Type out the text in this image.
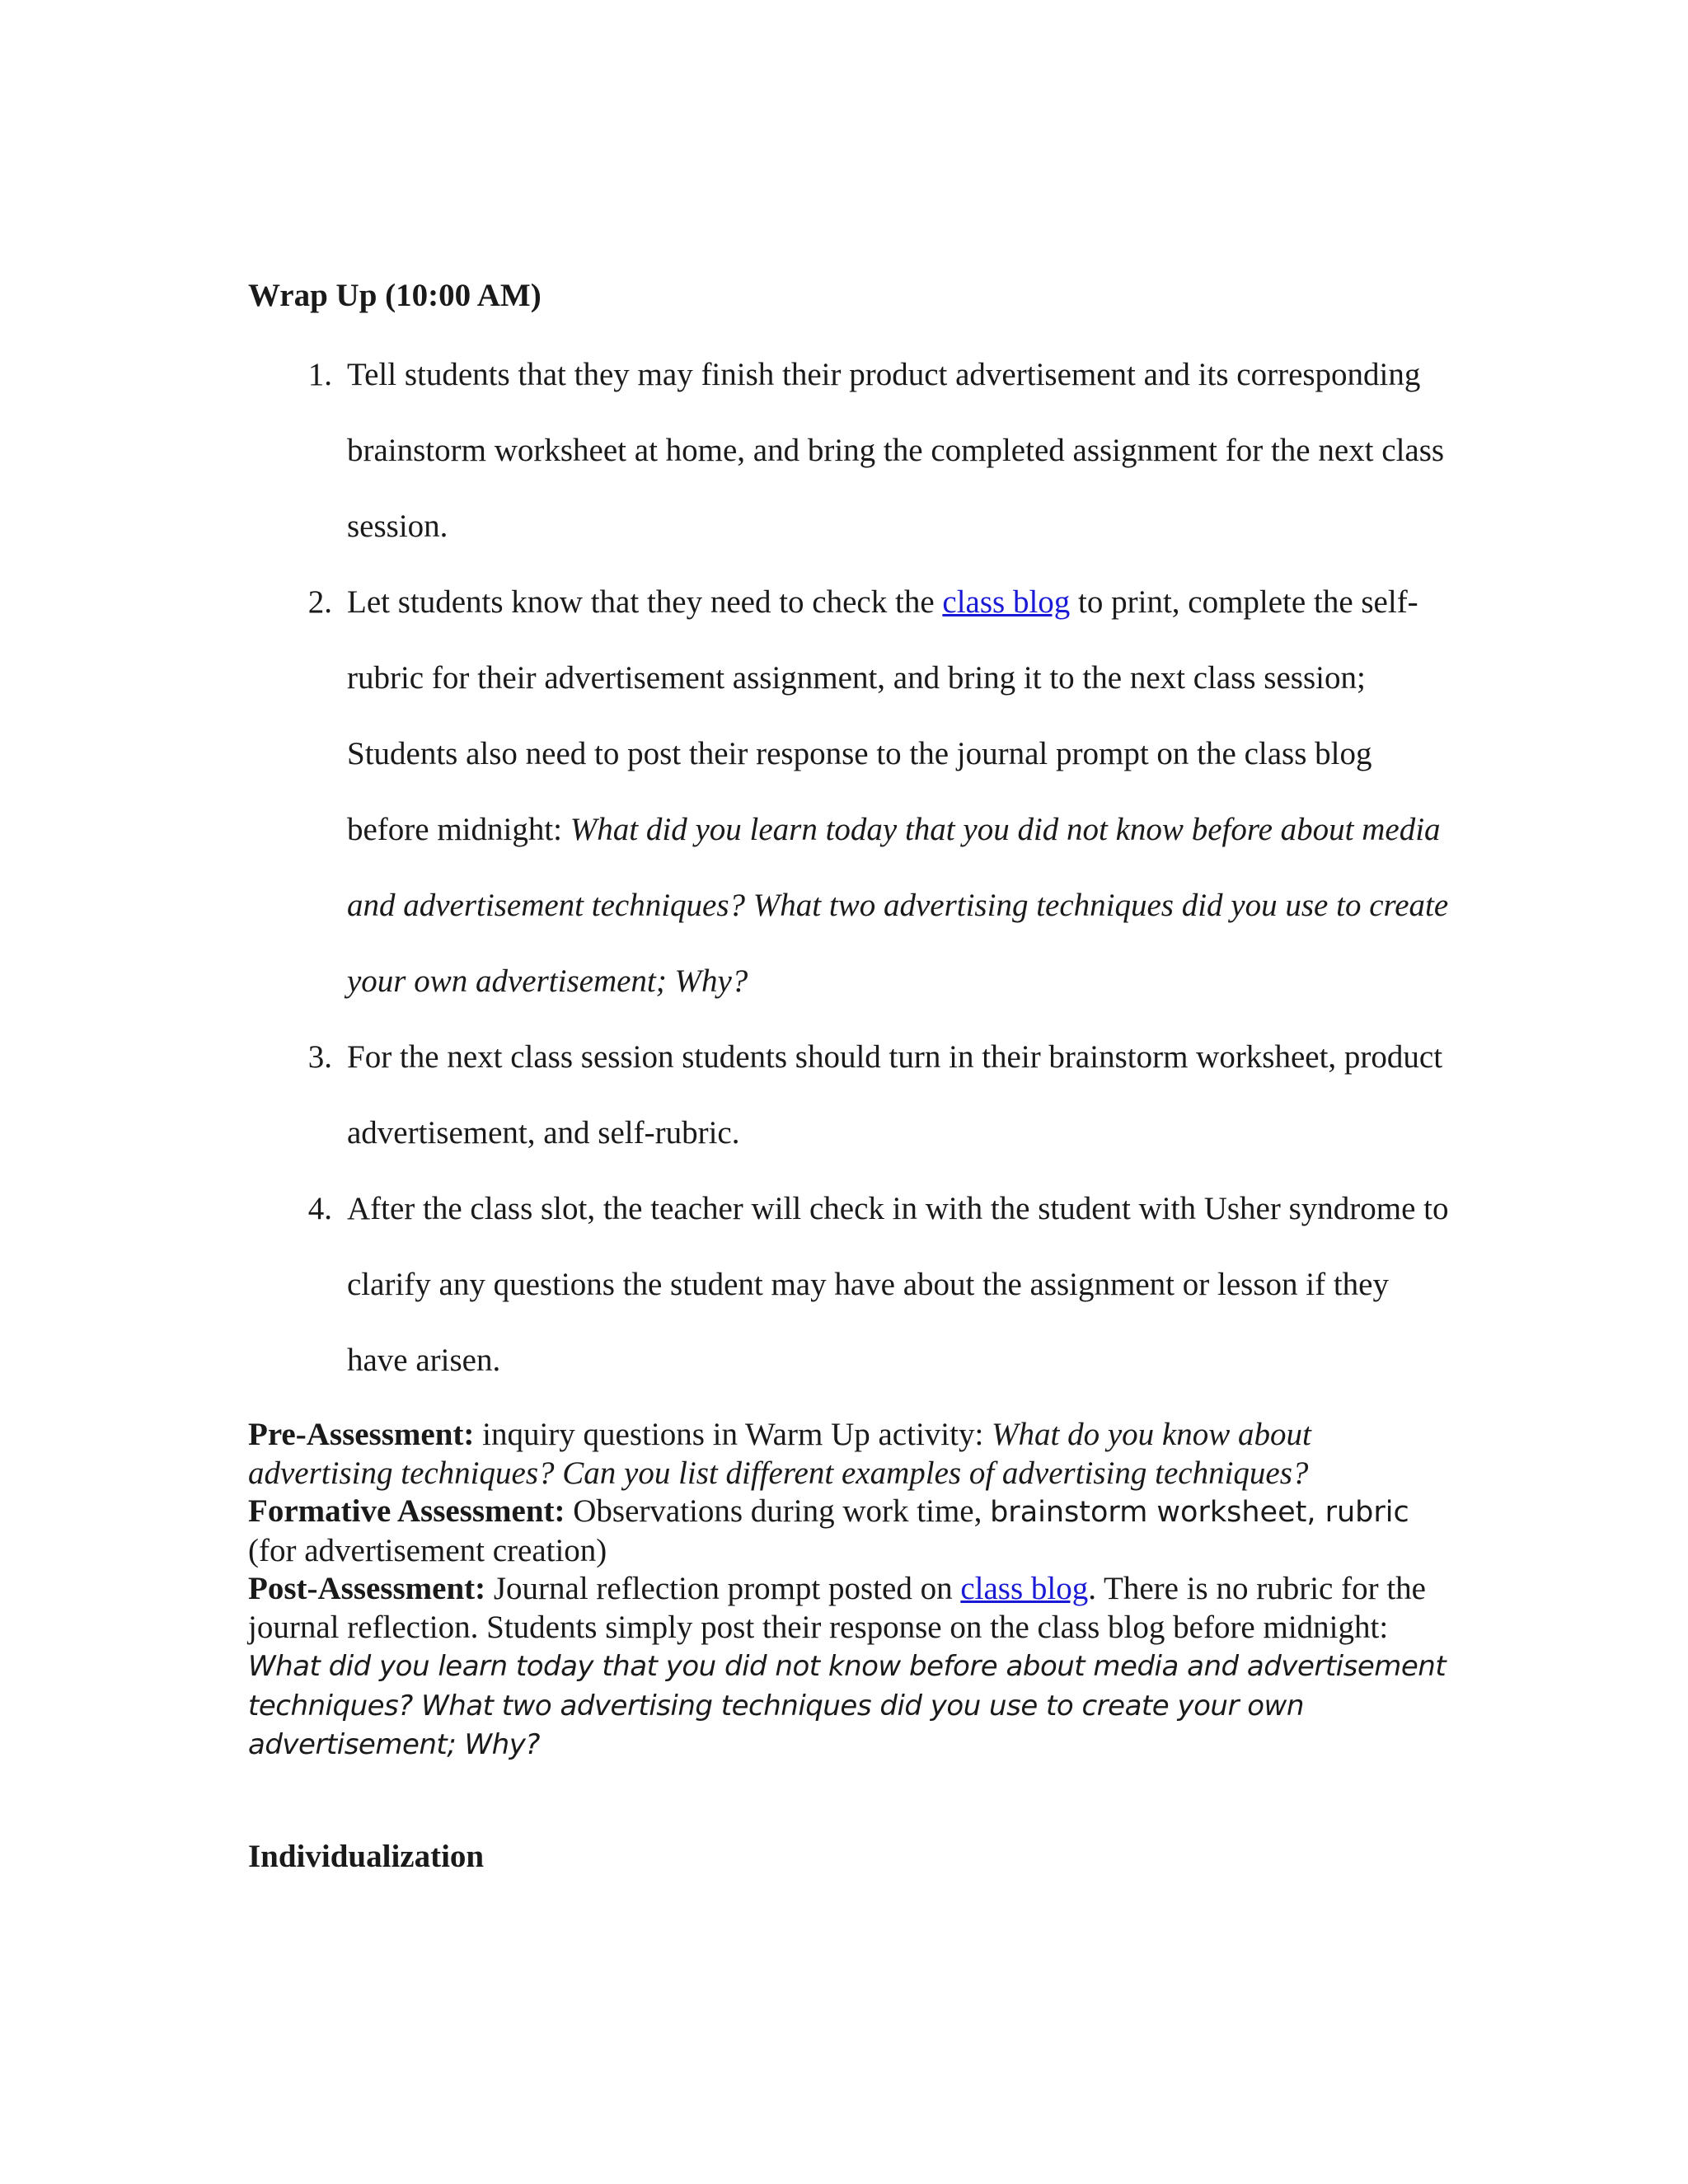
Wrap Up (10:00 AM)
1. Tell students that they may finish their product advertisement and its corresponding brainstorm worksheet at home, and bring the completed assignment for the next class session.
2. Let students know that they need to check the class blog to print, complete the self-rubric for their advertisement assignment, and bring it to the next class session; Students also need to post their response to the journal prompt on the class blog before midnight: What did you learn today that you did not know before about media and advertisement techniques? What two advertising techniques did you use to create your own advertisement; Why?
3. For the next class session students should turn in their brainstorm worksheet, product advertisement, and self-rubric.
4. After the class slot, the teacher will check in with the student with Usher syndrome to clarify any questions the student may have about the assignment or lesson if they have arisen.

Pre-Assessment: inquiry questions in Warm Up activity: What do you know about advertising techniques? Can you list different examples of advertising techniques?

Formative Assessment: Observations during work time, brainstorm worksheet, rubric (for advertisement creation)

Post-Assessment: Journal reflection prompt posted on class blog. There is no rubric for the journal reflection. Students simply post their response on the class blog before midnight: What did you learn today that you did not know before about media and advertisement techniques? What two advertising techniques did you use to create your own advertisement; Why?

Individualization
